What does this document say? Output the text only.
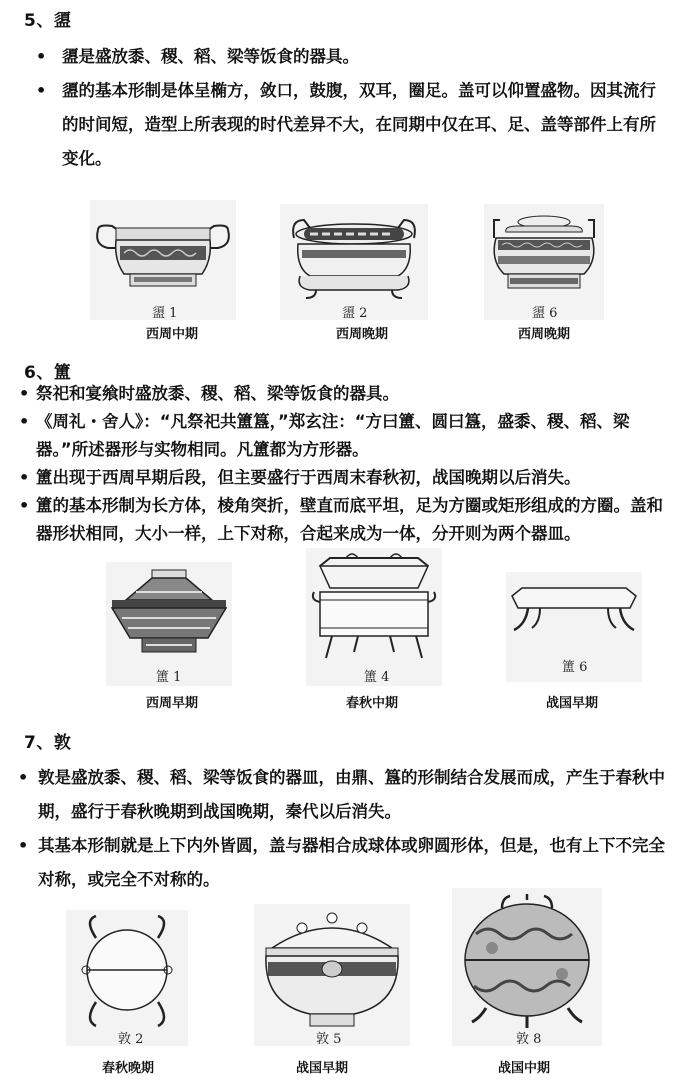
5、盨
• 盨是盛放黍、稷、稻、梁等饭食的器具。
• 盨的基本形制是体呈椭方，敛口，鼓腹，双耳，圈足。盖可以仰置盛物。因其流行的时间短，造型上所表现的时代差异不大，在同期中仅在耳、足、盖等部件上有所变化。
盨 1
西周中期
盨 2
西周晚期
盨 6
西周晚期
6、簠
• 祭祀和宴飨时盛放黍、稷、稻、梁等饭食的器具。
• 《周礼・舍人》：“凡祭祀共簠簋，”郑玄注：“方曰簠、圆曰簋，盛黍、稷、稻、梁器。”所述器形与实物相同。凡簠都为方形器。
• 簠出现于西周早期后段，但主要盛行于西周末春秋初，战国晚期以后消失。
• 簠的基本形制为长方体，棱角突折，壁直而底平坦，足为方圈或矩形组成的方圈。盖和器形状相同，大小一样，上下对称，合起来成为一体，分开则为两个器皿。
簠 1
西周早期
簠 4
春秋中期
簠 6
战国早期
7、敦
• 敦是盛放黍、稷、稻、梁等饭食的器皿，由鼎、簋的形制结合发展而成，产生于春秋中期，盛行于春秋晚期到战国晚期，秦代以后消失。
• 其基本形制就是上下内外皆圆，盖与器相合成球体或卵圆形体，但是，也有上下不完全对称，或完全不对称的。
敦 2
春秋晚期
敦 5
战国早期
敦 8
战国中期
